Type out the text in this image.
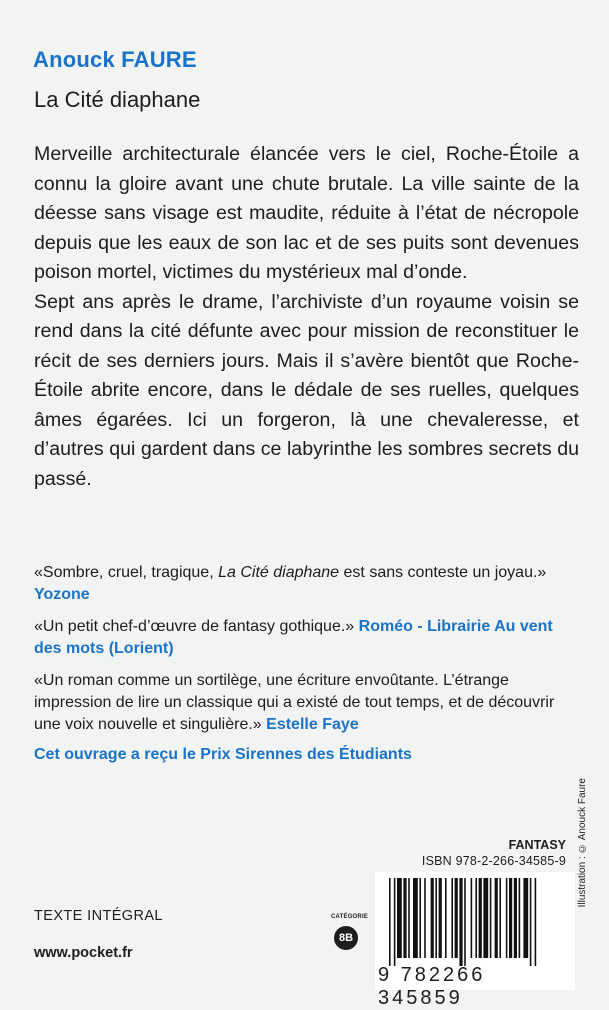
Anouck FAURE
La Cité diaphane

Merveille architecturale élancée vers le ciel, Roche-Étoile a connu la gloire avant une chute brutale. La ville sainte de la déesse sans visage est maudite, réduite à l’état de nécropole depuis que les eaux de son lac et de ses puits sont devenues poison mortel, victimes du mystérieux mal d’onde.

Sept ans après le drame, l’archiviste d’un royaume voisin se rend dans la cité défunte avec pour mission de reconstituer le récit de ses derniers jours. Mais il s’avère bientôt que Roche-Étoile abrite encore, dans le dédale de ses ruelles, quelques âmes égarées. Ici un forgeron, là une chevaleresse, et d’autres qui gardent dans ce labyrinthe les sombres secrets du passé.

«Sombre, cruel, tragique, La Cité diaphane est sans conteste un joyau.» Yozone

«Un petit chef-d’œuvre de fantasy gothique.» Roméo - Librairie Au vent des mots (Lorient)

«Un roman comme un sortilège, une écriture envoûtante. L’étrange impression de lire un classique qui a existé de tout temps, et de découvrir une voix nouvelle et singulière.» Estelle Faye

Cet ouvrage a reçu le Prix Sirennes des Étudiants
TEXTE INTÉGRAL
www.pocket.fr
CATÉGORIE
8B
FANTASY
ISBN 978-2-266-34585-9
9 782266 345859
Illustration : © Anouck Faure
